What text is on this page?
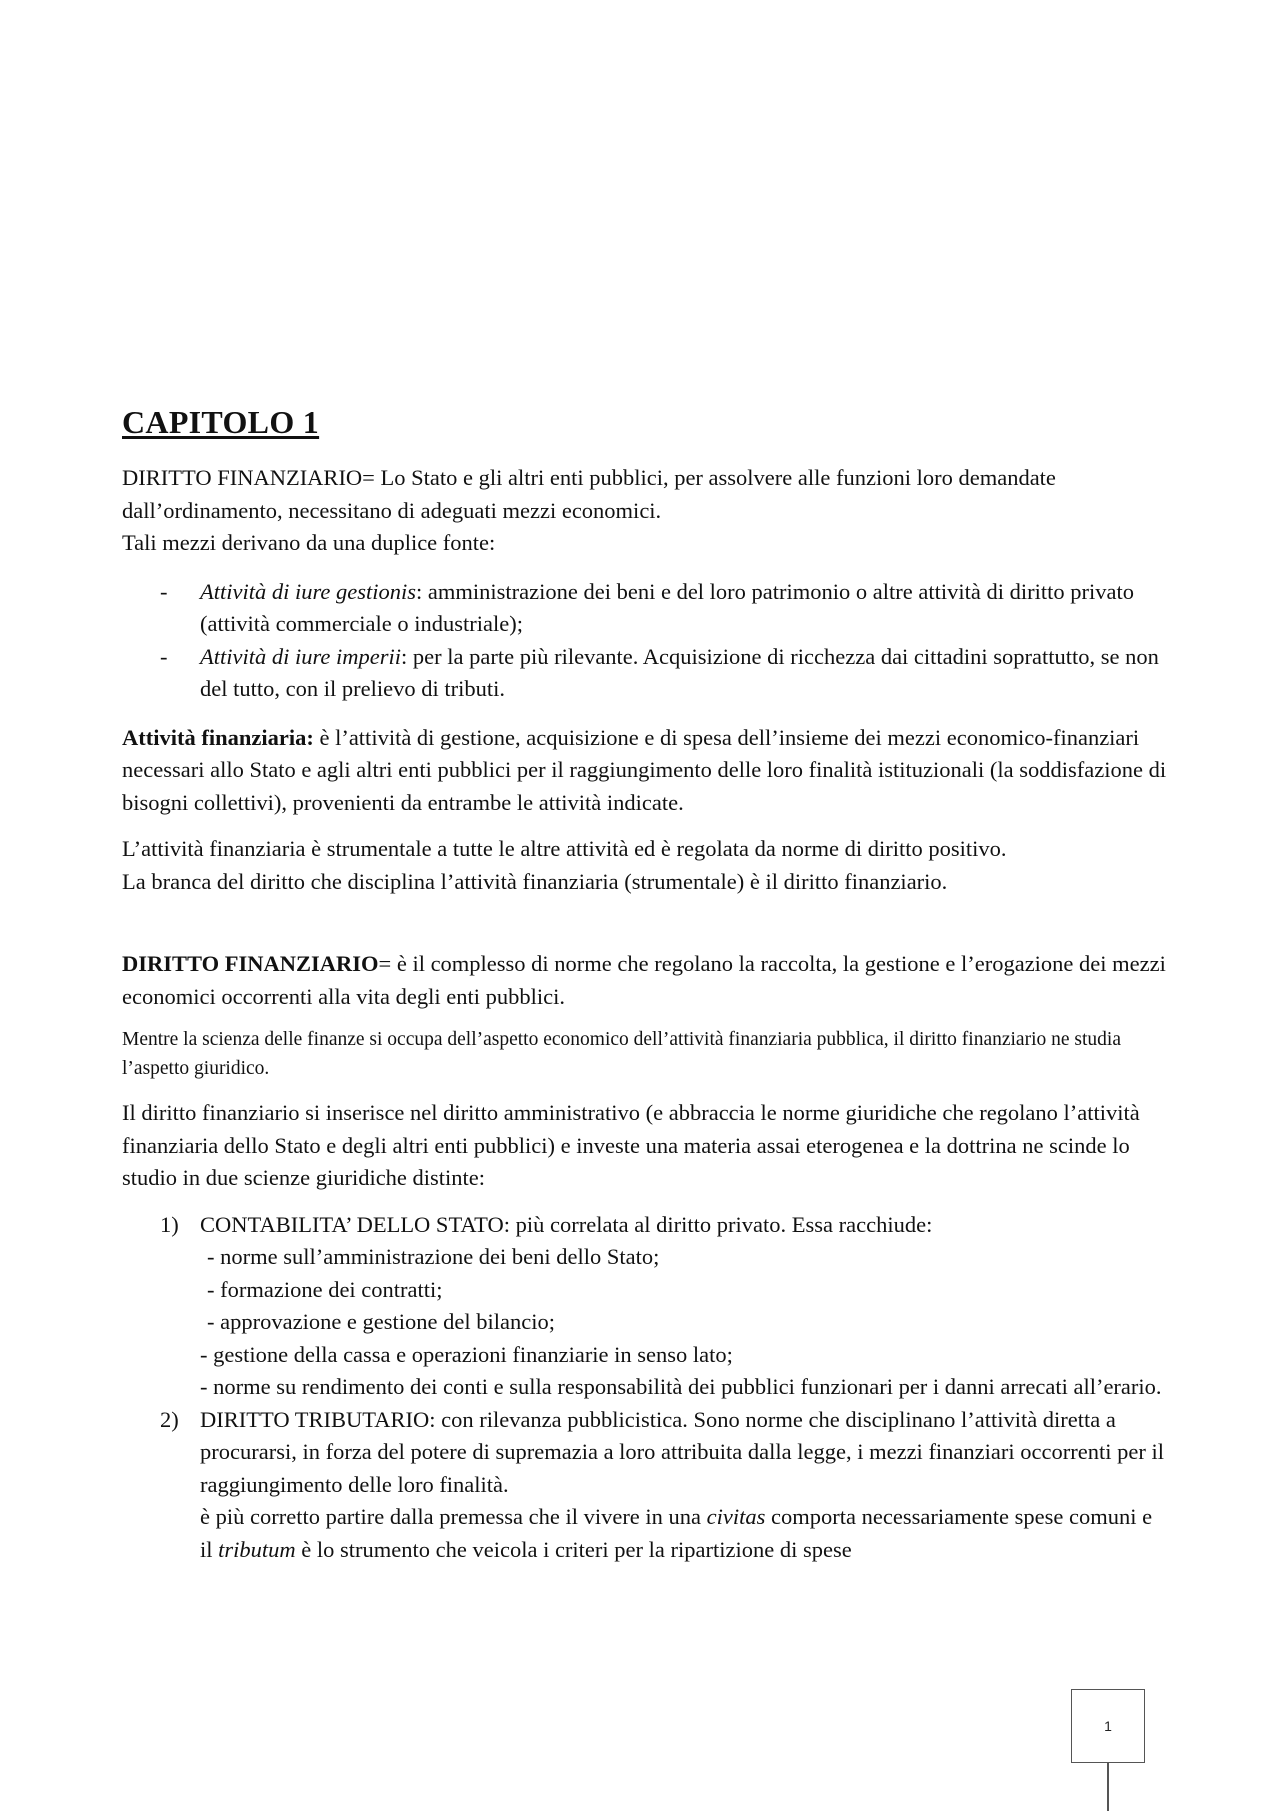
CAPITOLO 1

DIRITTO FINANZIARIO= Lo Stato e gli altri enti pubblici, per assolvere alle funzioni loro demandate dall’ordinamento, necessitano di adeguati mezzi economici.
Tali mezzi derivano da una duplice fonte:

- Attività di iure gestionis: amministrazione dei beni e del loro patrimonio o altre attività di diritto privato (attività commerciale o industriale);
- Attività di iure imperii: per la parte più rilevante. Acquisizione di ricchezza dai cittadini soprattutto, se non del tutto, con il prelievo di tributi.

Attività finanziaria: è l’attività di gestione, acquisizione e di spesa dell’insieme dei mezzi economico-finanziari necessari allo Stato e agli altri enti pubblici per il raggiungimento delle loro finalità istituzionali (la soddisfazione di bisogni collettivi), provenienti da entrambe le attività indicate.

L’attività finanziaria è strumentale a tutte le altre attività ed è regolata da norme di diritto positivo.
La branca del diritto che disciplina l’attività finanziaria (strumentale) è il diritto finanziario.

DIRITTO FINANZIARIO= è il complesso di norme che regolano la raccolta, la gestione e l’erogazione dei mezzi economici occorrenti alla vita degli enti pubblici.

Mentre la scienza delle finanze si occupa dell’aspetto economico dell’attività finanziaria pubblica, il diritto finanziario ne studia l’aspetto giuridico.

Il diritto finanziario si inserisce nel diritto amministrativo (e abbraccia le norme giuridiche che regolano l’attività finanziaria dello Stato e degli altri enti pubblici) e investe una materia assai eterogenea e la dottrina ne scinde lo studio in due scienze giuridiche distinte:

1) CONTABILITA’ DELLO STATO: più correlata al diritto privato. Essa racchiude:
- norme sull’amministrazione dei beni dello Stato;
- formazione dei contratti;
- approvazione e gestione del bilancio;
- gestione della cassa e operazioni finanziarie in senso lato;
- norme su rendimento dei conti e sulla responsabilità dei pubblici funzionari per i danni arrecati all’erario.
2) DIRITTO TRIBUTARIO: con rilevanza pubblicistica. Sono norme che disciplinano l’attività diretta a procurarsi, in forza del potere di supremazia a loro attribuita dalla legge, i mezzi finanziari occorrenti per il raggiungimento delle loro finalità.
è più corretto partire dalla premessa che il vivere in una civitas comporta necessariamente spese comuni e il tributum è lo strumento che veicola i criteri per la ripartizione di spese
1
